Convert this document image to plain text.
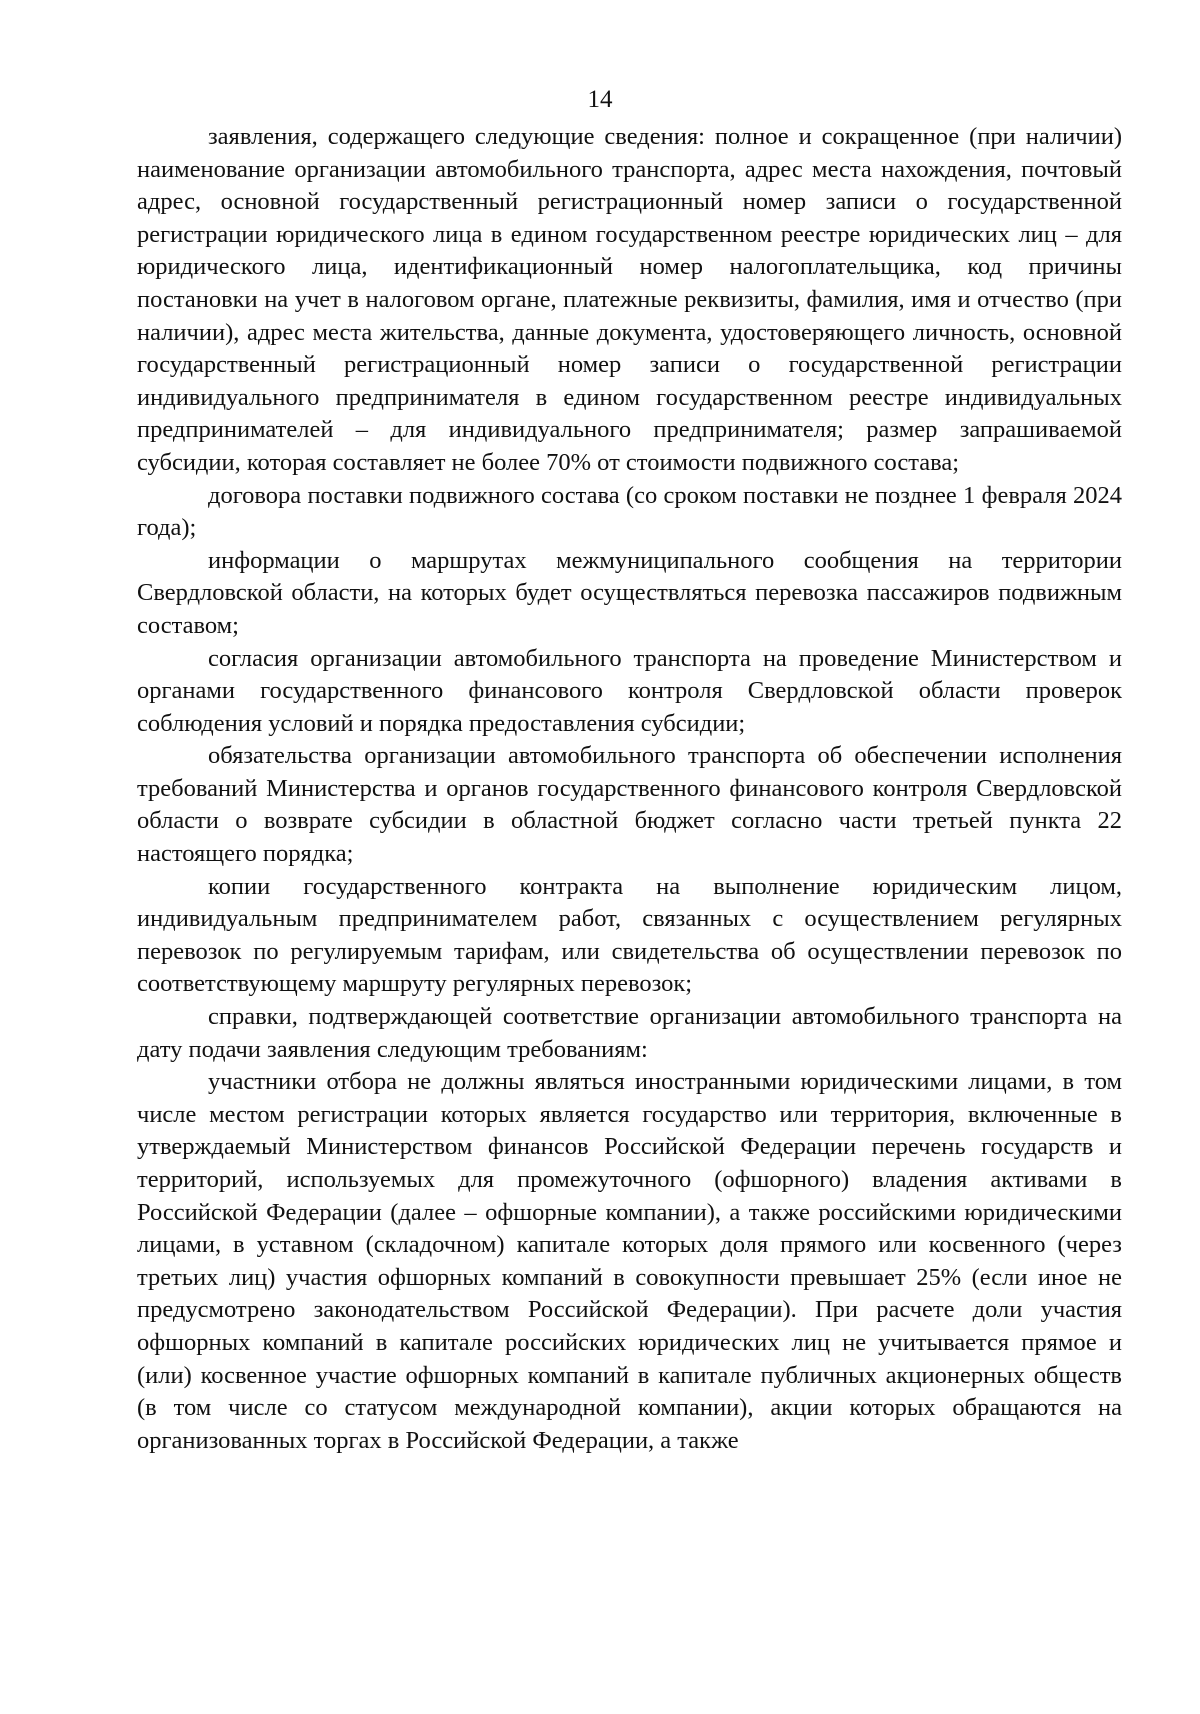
14

заявления, содержащего следующие сведения: полное и сокращенное (при наличии) наименование организации автомобильного транспорта, адрес места нахождения, почтовый адрес, основной государственный регистрационный номер записи о государственной регистрации юридического лица в едином государственном реестре юридических лиц – для юридического лица, идентификационный номер налогоплательщика, код причины постановки на учет в налоговом органе, платежные реквизиты, фамилия, имя и отчество (при наличии), адрес места жительства, данные документа, удостоверяющего личность, основной государственный регистрационный номер записи о государственной регистрации индивидуального предпринимателя в едином государственном реестре индивидуальных предпринимателей – для индивидуального предпринимателя; размер запрашиваемой субсидии, которая составляет не более 70% от стоимости подвижного состава;

договора поставки подвижного состава (со сроком поставки не позднее 1 февраля 2024 года);

информации о маршрутах межмуниципального сообщения на территории Свердловской области, на которых будет осуществляться перевозка пассажиров подвижным составом;

согласия организации автомобильного транспорта на проведение Министерством и органами государственного финансового контроля Свердловской области проверок соблюдения условий и порядка предоставления субсидии;

обязательства организации автомобильного транспорта об обеспечении исполнения требований Министерства и органов государственного финансового контроля Свердловской области о возврате субсидии в областной бюджет согласно части третьей пункта 22 настоящего порядка;

копии государственного контракта на выполнение юридическим лицом, индивидуальным предпринимателем работ, связанных с осуществлением регулярных перевозок по регулируемым тарифам, или свидетельства об осуществлении перевозок по соответствующему маршруту регулярных перевозок;

справки, подтверждающей соответствие организации автомобильного транспорта на дату подачи заявления следующим требованиям:

участники отбора не должны являться иностранными юридическими лицами, в том числе местом регистрации которых является государство или территория, включенные в утверждаемый Министерством финансов Российской Федерации перечень государств и территорий, используемых для промежуточного (офшорного) владения активами в Российской Федерации (далее – офшорные компании), а также российскими юридическими лицами, в уставном (складочном) капитале которых доля прямого или косвенного (через третьих лиц) участия офшорных компаний в совокупности превышает 25% (если иное не предусмотрено законодательством Российской Федерации). При расчете доли участия офшорных компаний в капитале российских юридических лиц не учитывается прямое и (или) косвенное участие офшорных компаний в капитале публичных акционерных обществ (в том числе со статусом международной компании), акции которых обращаются на организованных торгах в Российской Федерации, а также
